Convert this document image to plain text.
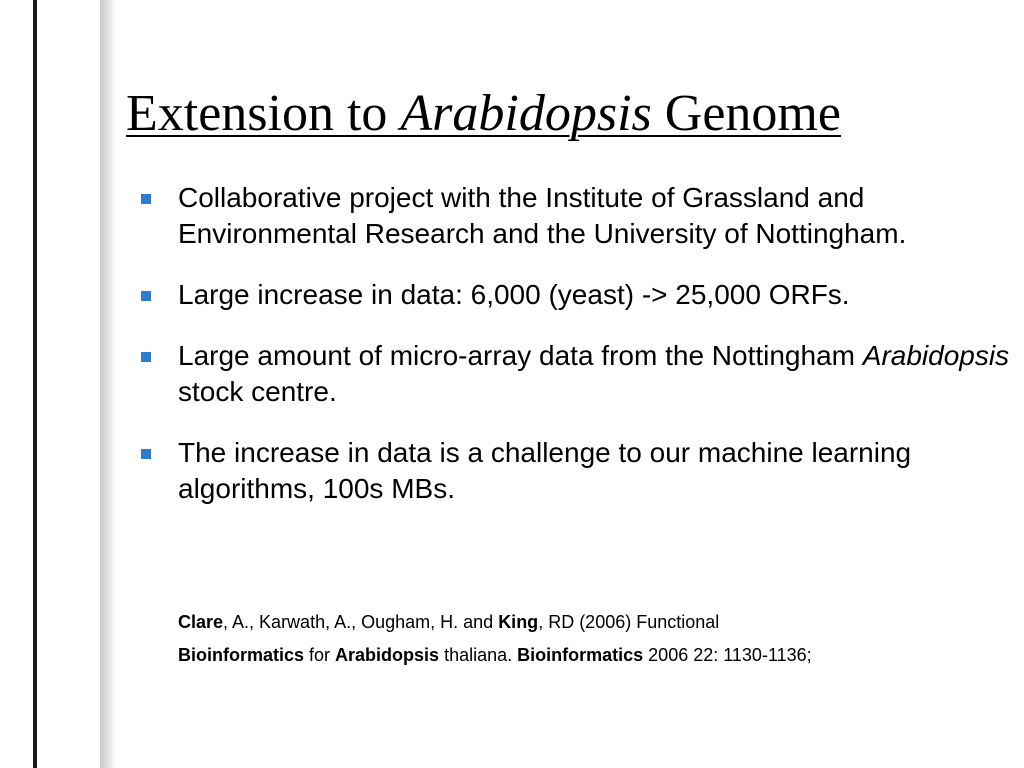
Extension to Arabidopsis Genome
Collaborative project with the Institute of Grassland and Environmental Research and the University of Nottingham.
Large increase in data: 6,000 (yeast) -> 25,000 ORFs.
Large amount of micro-array data from the Nottingham Arabidopsis stock centre.
The increase in data is a challenge to our machine learning algorithms, 100s MBs.

Clare, A., Karwath, A., Ougham, H. and King, RD (2006) Functional
Bioinformatics for Arabidopsis thaliana. Bioinformatics 2006 22: 1130-1136;
